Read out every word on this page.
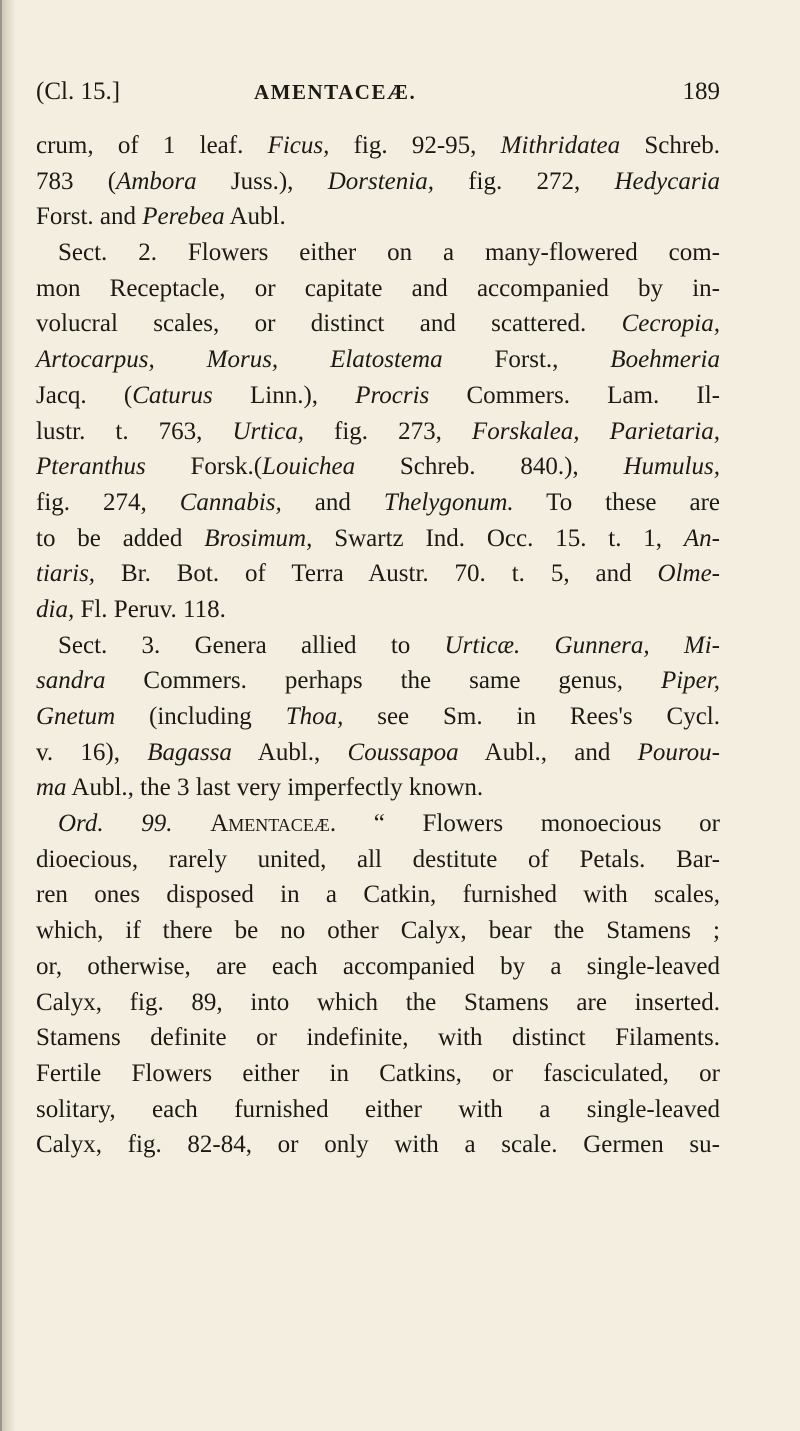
(Cl. 15.]	AMENTACEÆ.	189
crum, of 1 leaf. Ficus, fig. 92-95, Mithridatea Schreb.
783 (Ambora Juss.), Dorstenia, fig. 272, Hedycaria
Forst. and Perebea Aubl.
Sect. 2. Flowers either on a many-flowered com-
mon Receptacle, or capitate and accompanied by in-
volucral scales, or distinct and scattered. Cecropia,
Artocarpus, Morus, Elatostema Forst., Boehmeria
Jacq. (Caturus Linn.), Procris Commers. Lam. Il-
lustr. t. 763, Urtica, fig. 273, Forskalea, Parietaria,
Pteranthus Forsk.(Louichea Schreb. 840.), Humulus,
fig. 274, Cannabis, and Thelygonum. To these are
to be added Brosimum, Swartz Ind. Occ. 15. t. 1, An-
tiaris, Br. Bot. of Terra Austr. 70. t. 5, and Olme-
dia, Fl. Peruv. 118.
Sect. 3. Genera allied to Urticæ. Gunnera, Mi-
sandra Commers. perhaps the same genus, Piper,
Gnetum (including Thoa, see Sm. in Rees's Cycl.
v. 16), Bagassa Aubl., Coussapoa Aubl., and Pourou-
ma Aubl., the 3 last very imperfectly known.
Ord. 99. Amentaceæ. “ Flowers monoecious or
dioecious, rarely united, all destitute of Petals. Bar-
ren ones disposed in a Catkin, furnished with scales,
which, if there be no other Calyx, bear the Stamens ;
or, otherwise, are each accompanied by a single-leaved
Calyx, fig. 89, into which the Stamens are inserted.
Stamens definite or indefinite, with distinct Filaments.
Fertile Flowers either in Catkins, or fasciculated, or
solitary, each furnished either with a single-leaved
Calyx, fig. 82-84, or only with a scale. Germen su-
